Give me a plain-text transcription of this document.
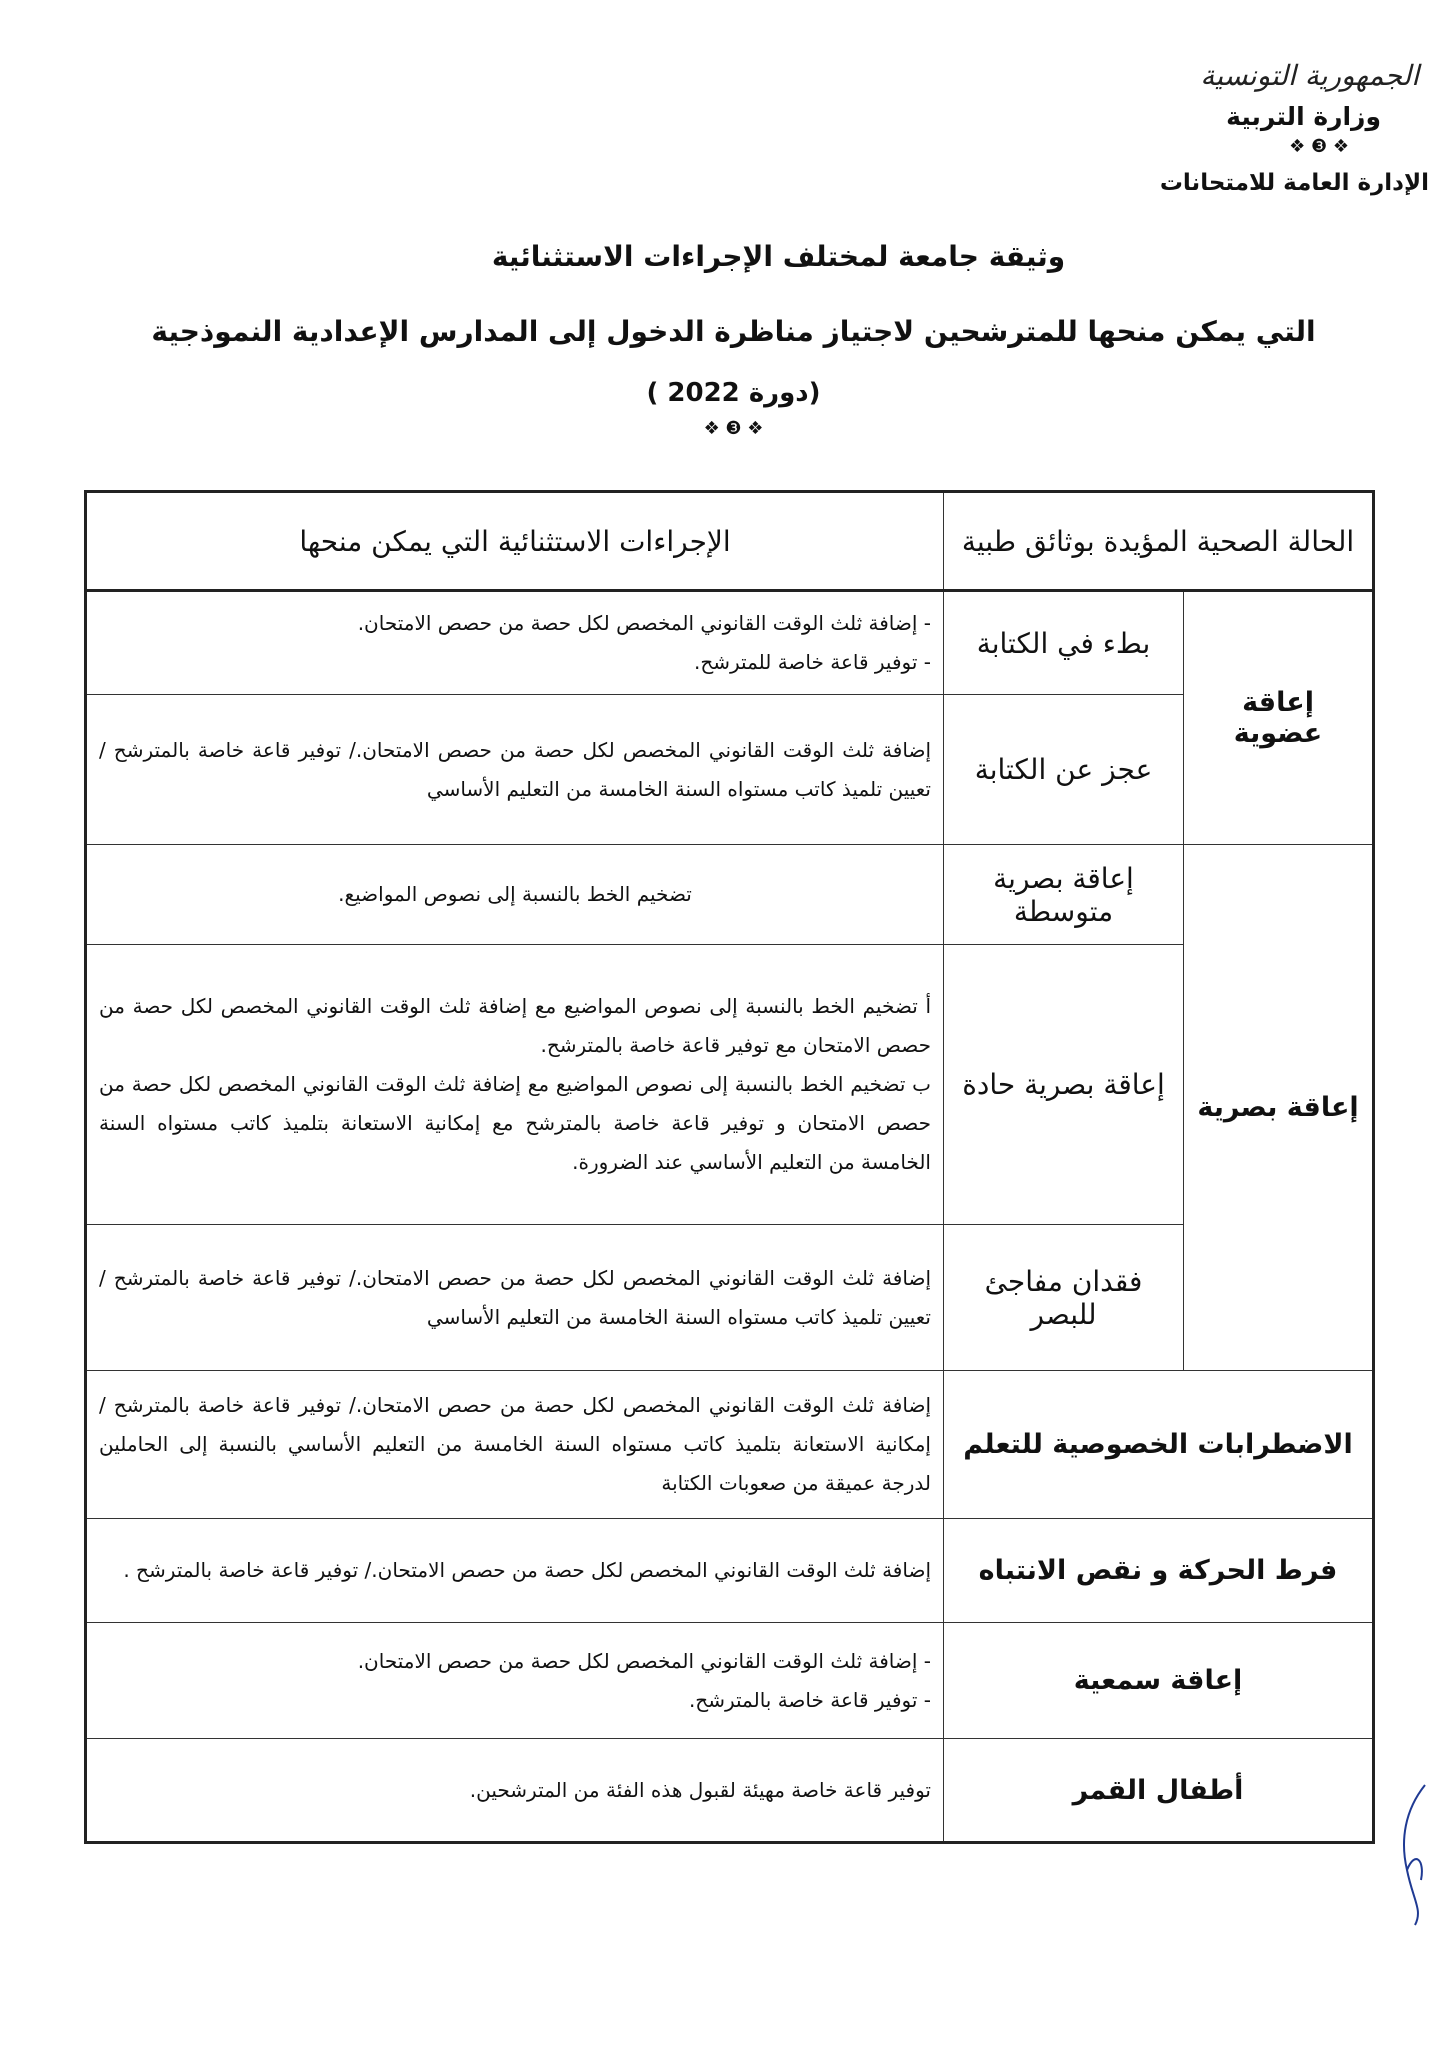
الجمهورية التونسية
وزارة التربية
❖ ❸ ❖
الإدارة العامة للامتحانات
وثيقة جامعة لمختلف الإجراءات الاستثنائية
التي يمكن منحها للمترشحين لاجتياز مناظرة الدخول إلى المدارس الإعدادية النموذجية
(دورة 2022 )
❖ ❸ ❖
الحالة الصحية المؤيدة بوثائق طبية		الإجراءات الاستثنائية التي يمكن منحها
إعاقة عضوية	بطء في الكتابة	- إضافة ثلث الوقت القانوني المخصص لكل حصة من حصص الامتحان.
- توفير قاعة خاصة للمترشح.

	عجز عن الكتابة	إضافة ثلث الوقت القانوني المخصص لكل حصة من حصص الامتحان./ توفير قاعة خاصة بالمترشح / تعيين تلميذ كاتب مستواه السنة الخامسة من التعليم الأساسي
إعاقة بصرية	إعاقة بصرية متوسطة	تضخيم الخط بالنسبة إلى نصوص المواضيع.
	إعاقة بصرية حادة	أ تضخيم الخط بالنسبة إلى نصوص المواضيع مع إضافة ثلث الوقت القانوني المخصص لكل حصة من حصص الامتحان مع توفير قاعة خاصة بالمترشح.
ب تضخيم الخط بالنسبة إلى نصوص المواضيع مع إضافة ثلث الوقت القانوني المخصص لكل حصة من حصص الامتحان و توفير قاعة خاصة بالمترشح مع إمكانية الاستعانة بتلميذ كاتب مستواه السنة الخامسة من التعليم الأساسي عند الضرورة.

	فقدان مفاجئ للبصر	إضافة ثلث الوقت القانوني المخصص لكل حصة من حصص الامتحان./ توفير قاعة خاصة بالمترشح / تعيين تلميذ كاتب مستواه السنة الخامسة من التعليم الأساسي
الاضطرابات الخصوصية للتعلم		إضافة ثلث الوقت القانوني المخصص لكل حصة من حصص الامتحان./ توفير قاعة خاصة بالمترشح / إمكانية الاستعانة بتلميذ كاتب مستواه السنة الخامسة من التعليم الأساسي بالنسبة إلى الحاملين لدرجة عميقة من صعوبات الكتابة
فرط الحركة و نقص الانتباه		إضافة ثلث الوقت القانوني المخصص لكل حصة من حصص الامتحان./ توفير قاعة خاصة بالمترشح .
إعاقة سمعية		- إضافة ثلث الوقت القانوني المخصص لكل حصة من حصص الامتحان.
- توفير قاعة خاصة بالمترشح.

أطفال القمر		توفير قاعة خاصة مهيئة لقبول هذه الفئة من المترشحين.
